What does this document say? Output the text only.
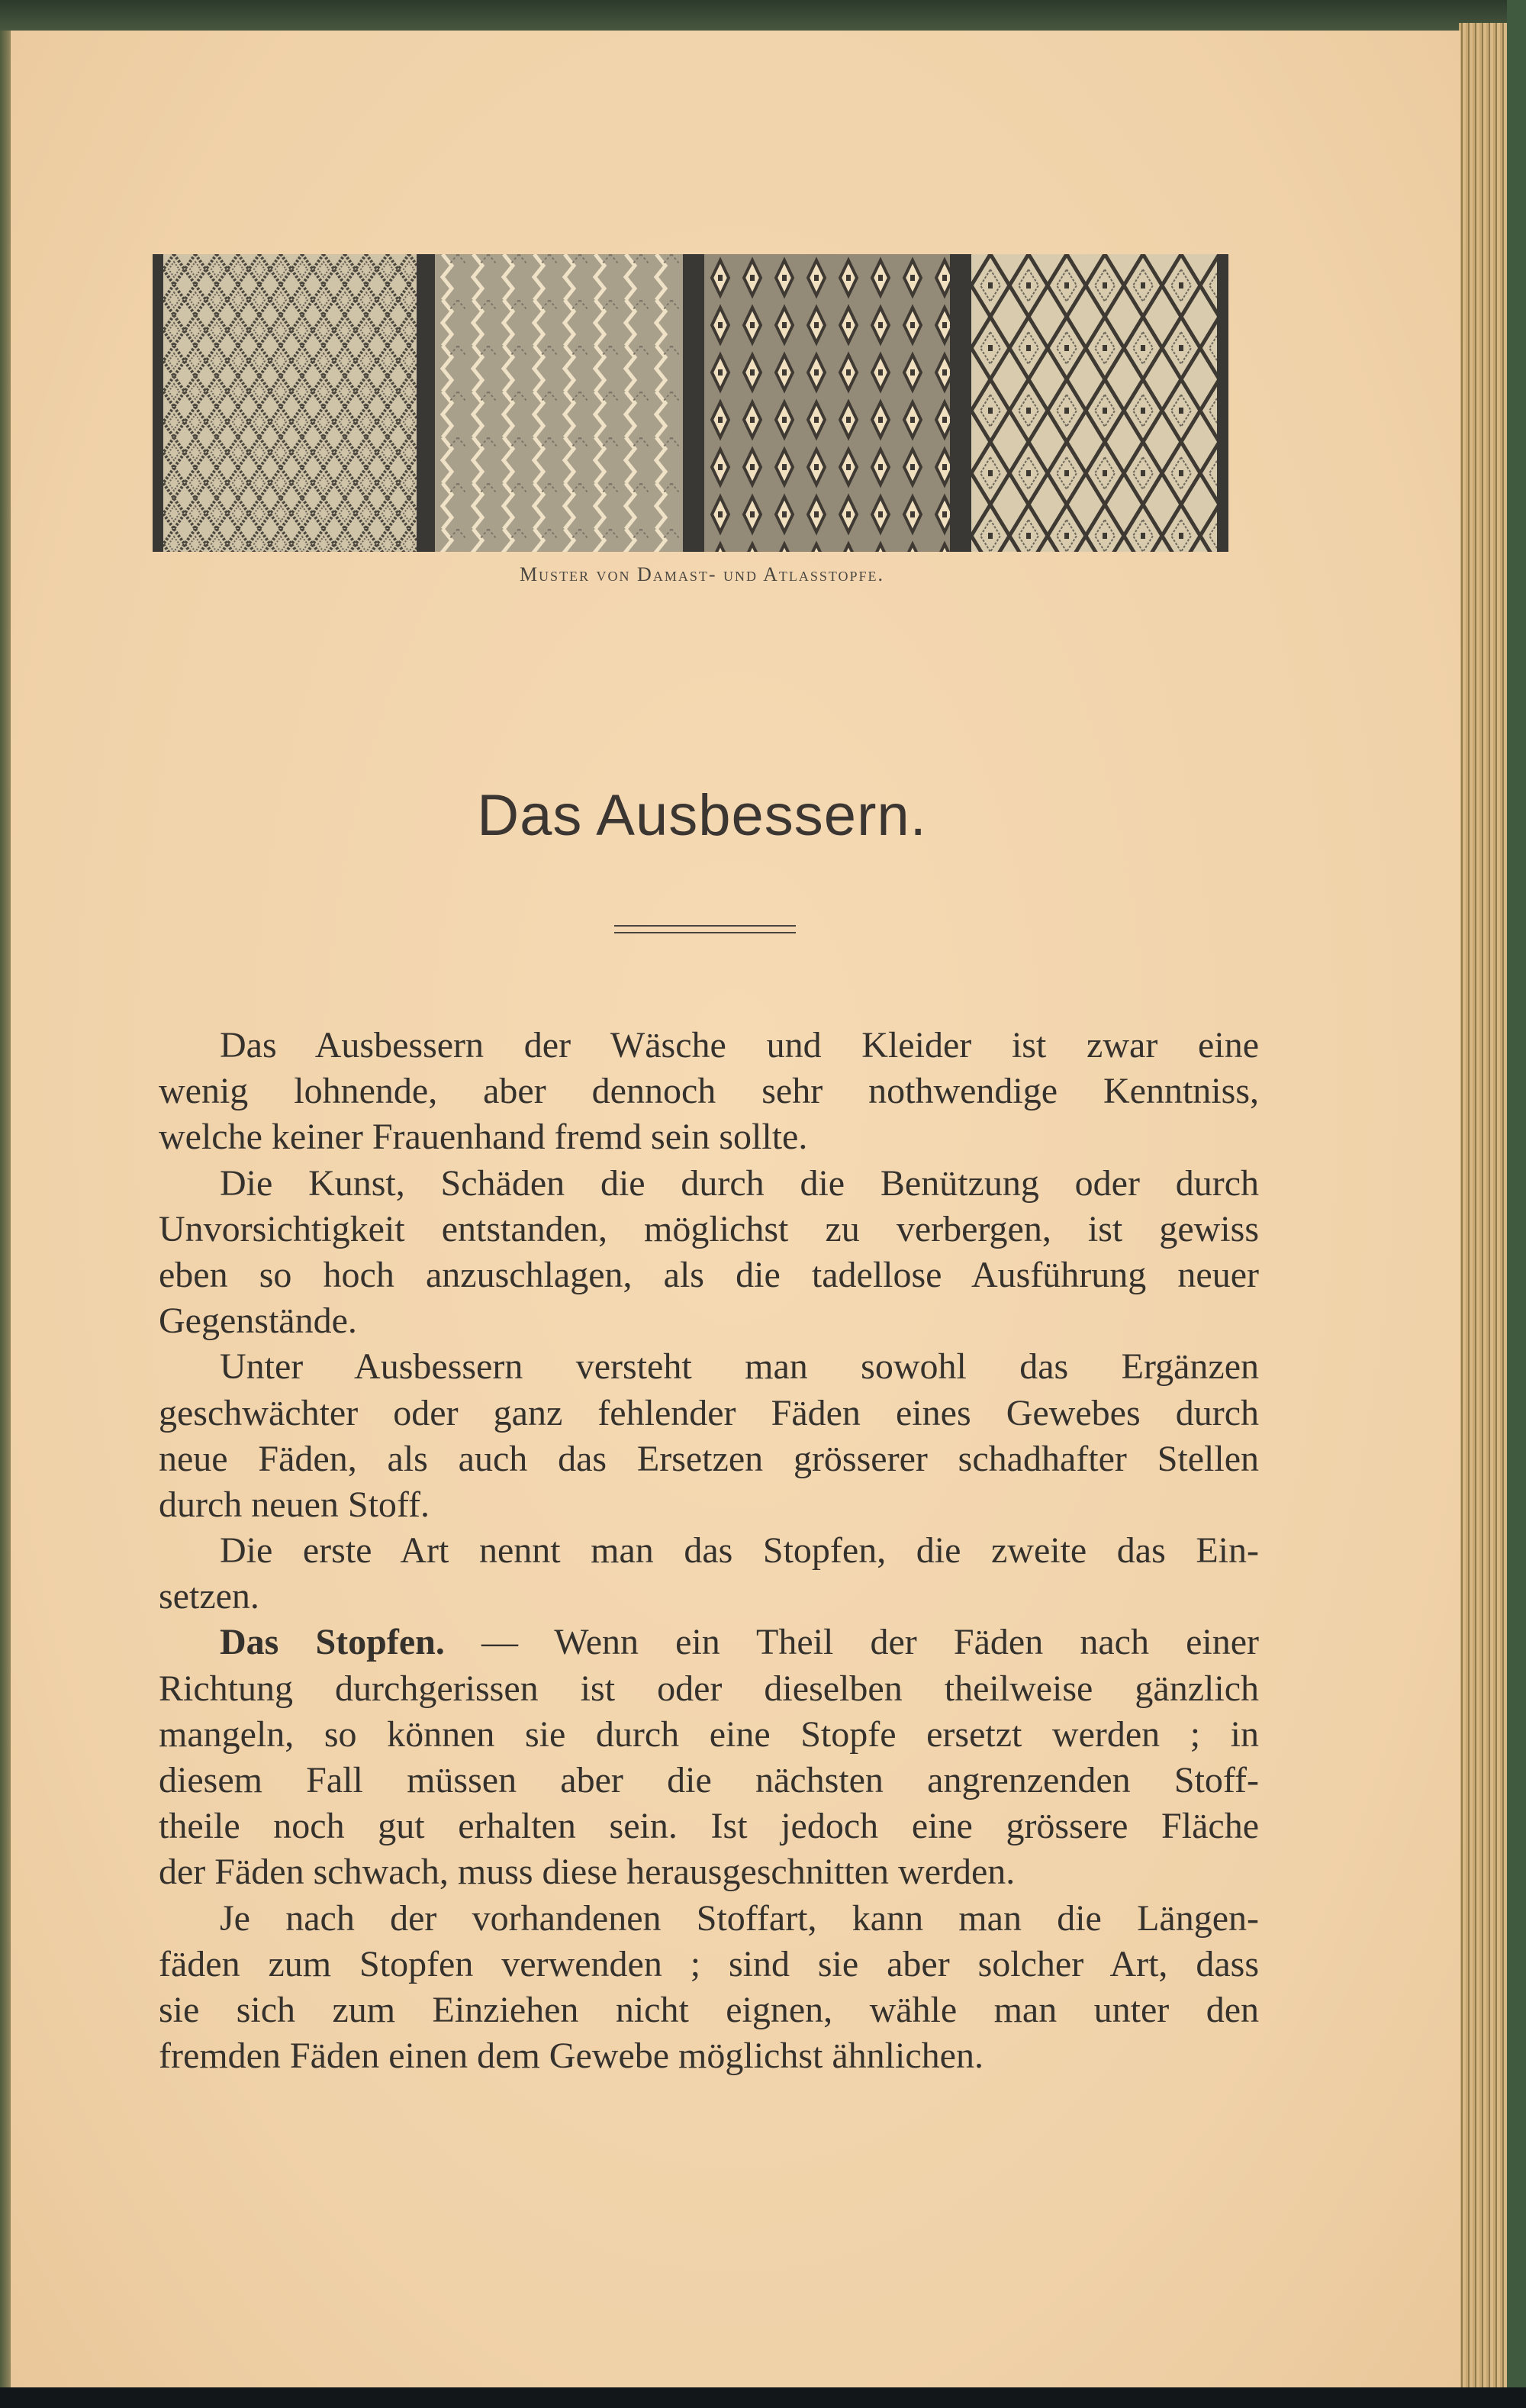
Muster von Damast- und Atlasstopfe.
Das Ausbessern.
Das Ausbessern der Wäsche und Kleider ist zwar eine
wenig lohnende, aber dennoch sehr nothwendige Kenntniss,
welche keiner Frauenhand fremd sein sollte.
Die Kunst, Schäden die durch die Benützung oder durch
Unvorsichtigkeit entstanden, möglichst zu verbergen, ist gewiss
eben so hoch anzuschlagen, als die tadellose Ausführung neuer
Gegenstände.
Unter Ausbessern versteht man sowohl das Ergänzen
geschwächter oder ganz fehlender Fäden eines Gewebes durch
neue Fäden, als auch das Ersetzen grösserer schadhafter Stellen
durch neuen Stoff.
Die erste Art nennt man das Stopfen, die zweite das Ein-
setzen.
Das Stopfen. — Wenn ein Theil der Fäden nach einer
Richtung durchgerissen ist oder dieselben theilweise gänzlich
mangeln, so können sie durch eine Stopfe ersetzt werden ; in
diesem Fall müssen aber die nächsten angrenzenden Stoff-
theile noch gut erhalten sein. Ist jedoch eine grössere Fläche
der Fäden schwach, muss diese herausgeschnitten werden.
Je nach der vorhandenen Stoffart, kann man die Längen-
fäden zum Stopfen verwenden ; sind sie aber solcher Art, dass
sie sich zum Einziehen nicht eignen, wähle man unter den
fremden Fäden einen dem Gewebe möglichst ähnlichen.
